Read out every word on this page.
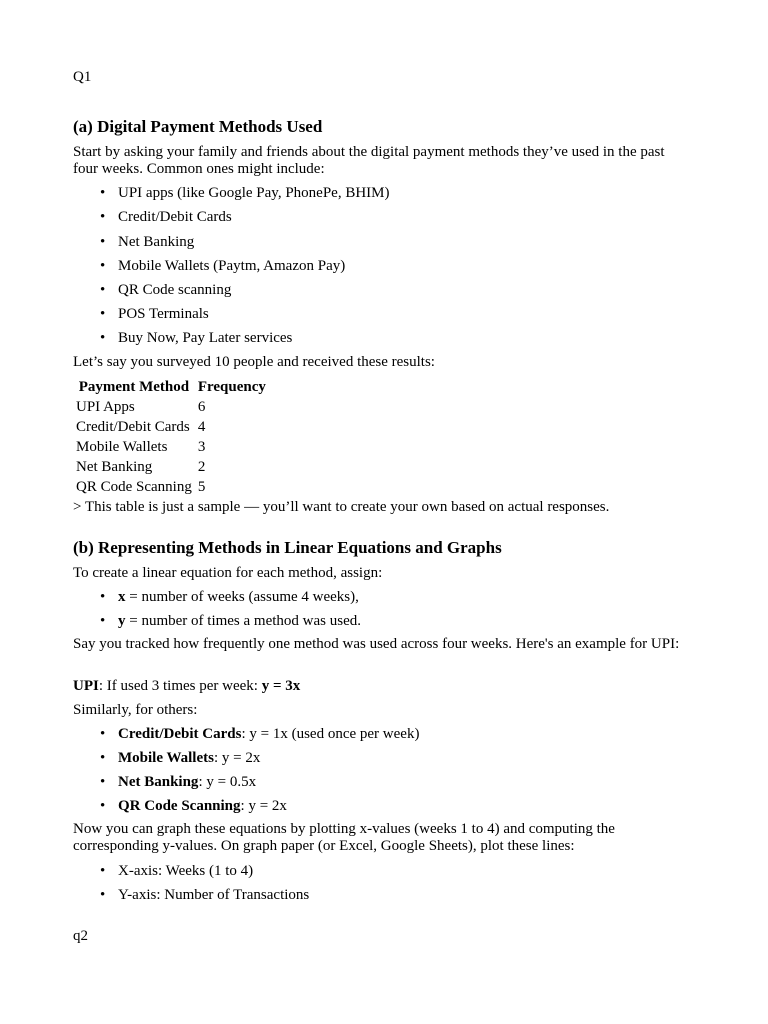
Q1
(a) Digital Payment Methods Used
Start by asking your family and friends about the digital payment methods they’ve used in the past four weeks. Common ones might include:
• UPI apps (like Google Pay, PhonePe, BHIM)
• Credit/Debit Cards
• Net Banking
• Mobile Wallets (Paytm, Amazon Pay)
• QR Code scanning
• POS Terminals
• Buy Now, Pay Later services
Let’s say you surveyed 10 people and received these results:
Payment Method	Frequency
UPI Apps	6
Credit/Debit Cards	4
Mobile Wallets	3
Net Banking	2
QR Code Scanning	5
> This table is just a sample — you’ll want to create your own based on actual responses.
(b) Representing Methods in Linear Equations and Graphs
To create a linear equation for each method, assign:
• x = number of weeks (assume 4 weeks),
• y = number of times a method was used.
Say you tracked how frequently one method was used across four weeks. Here's an example for UPI:
UPI: If used 3 times per week: y = 3x
Similarly, for others:
• Credit/Debit Cards: y = 1x (used once per week)
• Mobile Wallets: y = 2x
• Net Banking: y = 0.5x
• QR Code Scanning: y = 2x
Now you can graph these equations by plotting x-values (weeks 1 to 4) and computing the corresponding y-values. On graph paper (or Excel, Google Sheets), plot these lines:
• X-axis: Weeks (1 to 4)
• Y-axis: Number of Transactions
q2
